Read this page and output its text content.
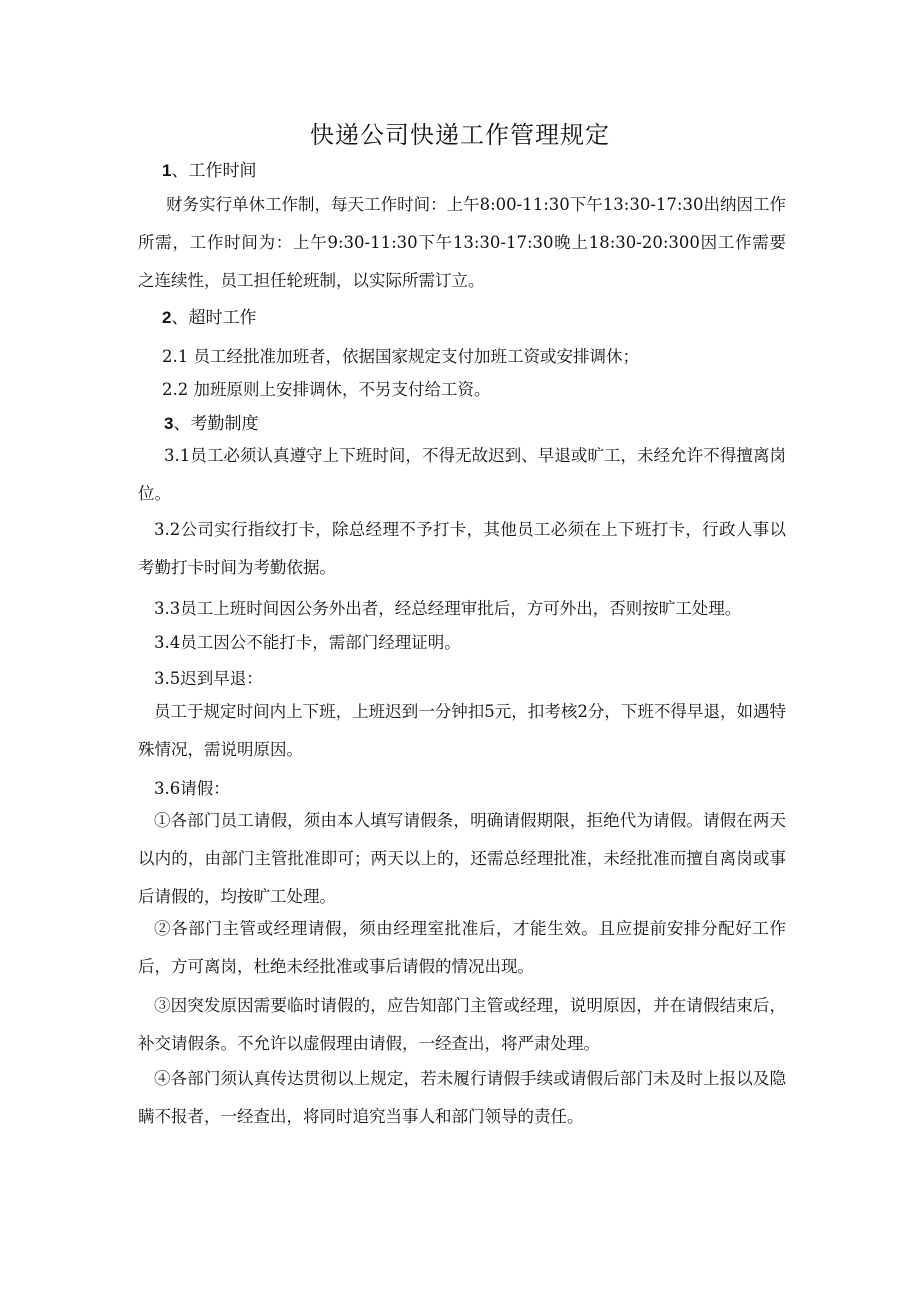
快递公司快递工作管理规定
1、工作时间
财务实行单休工作制，每天工作时间：上午8:00-11:30下午13:30-17:30出纳因工作所需，工作时间为：上午9:30-11:30下午13:30-17:30晚上18:30-20:300因工作需要之连续性，员工担任轮班制，以实际所需订立。
2、超时工作
2.1 员工经批准加班者，依据国家规定支付加班工资或安排调休；
2.2 加班原则上安排调休，不另支付给工资。
3、考勤制度
3.1员工必须认真遵守上下班时间，不得无故迟到、早退或旷工，未经允许不得擅离岗位。
3.2公司实行指纹打卡，除总经理不予打卡，其他员工必须在上下班打卡，行政人事以考勤打卡时间为考勤依据。
3.3员工上班时间因公务外出者，经总经理审批后，方可外出，否则按旷工处理。
3.4员工因公不能打卡，需部门经理证明。
3.5迟到早退：
员工于规定时间内上下班，上班迟到一分钟扣5元，扣考核2分，下班不得早退，如遇特殊情况，需说明原因。
3.6请假：
①各部门员工请假，须由本人填写请假条，明确请假期限，拒绝代为请假。请假在两天以内的，由部门主管批准即可；两天以上的，还需总经理批准，未经批准而擅自离岗或事后请假的，均按旷工处理。
②各部门主管或经理请假，须由经理室批准后，才能生效。且应提前安排分配好工作后，方可离岗，杜绝未经批准或事后请假的情况出现。
③因突发原因需要临时请假的，应告知部门主管或经理，说明原因，并在请假结束后，补交请假条。不允许以虚假理由请假，一经查出，将严肃处理。
④各部门须认真传达贯彻以上规定，若未履行请假手续或请假后部门未及时上报以及隐瞒不报者，一经查出，将同时追究当事人和部门领导的责任。
